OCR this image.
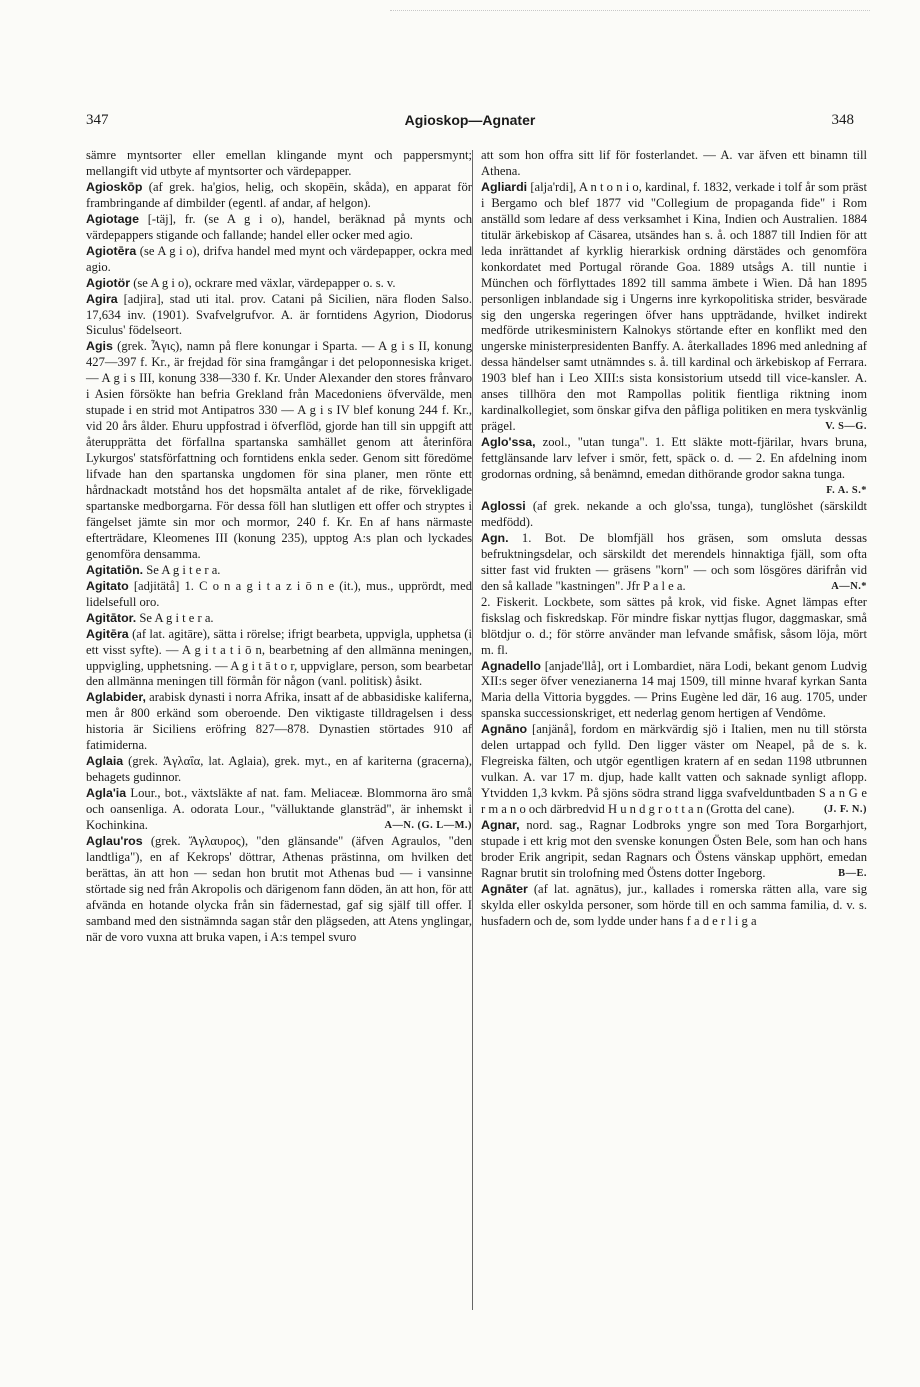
347	Agioskop—Agnater	348

sämre myntsorter eller emellan klingande mynt och pappersmynt; mellangift vid utbyte af myntsorter och värdepapper.

Agioskōp (af grek. ha'gios, helig, och skopēin, skåda), en apparat för frambringande af dimbilder (egentl. af andar, af helgon).

Agiotage [-täj], fr. (se A g i o), handel, beräknad på mynts och värdepappers stigande och fallande; handel eller ocker med agio.

Agiotēra (se A g i o), drifva handel med mynt och värdepapper, ockra med agio.

Agiotör (se A g i o), ockrare med växlar, värdepapper o. s. v.

Agira [adjira], stad uti ital. prov. Catani på Sicilien, nära floden Salso. 17,634 inv. (1901). Svafvelgrufvor. A. är forntidens Agyrion, Diodorus Siculus' födelseort.

Agis (grek. Ἆγις), namn på flere konungar i Sparta. — A g i s II, konung 427—397 f. Kr., är frejdad för sina framgångar i det peloponnesiska kriget. — A g i s III, konung 338—330 f. Kr. Under Alexander den stores frånvaro i Asien försökte han befria Grekland från Macedoniens öfvervälde, men stupade i en strid mot Antipatros 330 — A g i s IV blef konung 244 f. Kr., vid 20 års ålder. Ehuru uppfostrad i öfverflöd, gjorde han till sin uppgift att återupprätta det förfallna spartanska samhället genom att återinföra Lykurgos' statsförfattning och forntidens enkla seder. Genom sitt föredöme lifvade han den spartanska ungdomen för sina planer, men rönte ett hårdnackadt motstånd hos det hopsmälta antalet af de rike, förvekligade spartanske medborgarna. För dessa föll han slutligen ett offer och stryptes i fängelset jämte sin mor och mormor, 240 f. Kr. En af hans närmaste efterträdare, Kleomenes III (konung 235), upptog A:s plan och lyckades genomföra densamma.

Agitatiōn. Se A g i t e r a.

Agitato [adjitätå] 1. C o n a g i t a z i ō n e (it.), mus., upprördt, med lidelsefull oro.

Agitātor. Se A g i t e r a.

Agitēra (af lat. agitāre), sätta i rörelse; ifrigt bearbeta, uppvigla, upphetsa (i ett visst syfte). — A g i t a t i ō n, bearbetning af den allmänna meningen, uppvigling, upphetsning. — A g i t ā t o r, uppviglare, person, som bearbetar den allmänna meningen till förmån för någon (vanl. politisk) åsikt.

Aglabider, arabisk dynasti i norra Afrika, insatt af de abbasidiske kaliferna, men år 800 erkänd som oberoende. Den viktigaste tilldragelsen i dess historia är Siciliens eröfring 827—878. Dynastien störtades 910 af fatimiderna.

Aglaia (grek. Ἀγλαΐα, lat. Aglaia), grek. myt., en af kariterna (gracerna), behagets gudinnor.

Agla'ia Lour., bot., växtsläkte af nat. fam. Meliaceæ. Blommorna äro små och oansenliga. A. odorata Lour., "välluktande glansträd", är inhemskt i Kochinkina.	A—N. (G. L—M.)

Aglau'ros (grek. Ἄγλαυρος), "den glänsande" (äfven Agraulos, "den landtliga"), en af Kekrops' döttrar, Athenas prästinna, om hvilken det berättas, än att hon — sedan hon brutit mot Athenas bud — i vansinne störtade sig ned från Akropolis och därigenom fann döden, än att hon, för att afvända en hotande olycka från sin fädernestad, gaf sig själf till offer. I samband med den sistnämnda sagan står den plägseden, att Atens ynglingar, när de voro vuxna att bruka vapen, i A:s tempel svuro

att som hon offra sitt lif för fosterlandet. — A. var äfven ett binamn till Athena.

Agliardi [alja'rdi], A n t o n i o, kardinal, f. 1832, verkade i tolf år som präst i Bergamo och blef 1877 vid "Collegium de propaganda fide" i Rom anställd som ledare af dess verksamhet i Kina, Indien och Australien. 1884 titulär ärkebiskop af Cäsarea, utsändes han s. å. och 1887 till Indien för att leda inrättandet af kyrklig hierarkisk ordning därstädes och genomföra konkordatet med Portugal rörande Goa. 1889 utsågs A. till nuntie i München och förflyttades 1892 till samma ämbete i Wien. Då han 1895 personligen inblandade sig i Ungerns inre kyrkopolitiska strider, besvärade sig den ungerska regeringen öfver hans uppträdande, hvilket indirekt medförde utrikesministern Kalnokys störtande efter en konflikt med den ungerske ministerpresidenten Banffy. A. återkallades 1896 med anledning af dessa händelser samt utnämndes s. å. till kardinal och ärkebiskop af Ferrara. 1903 blef han i Leo XIII:s sista konsistorium utsedd till vice-kansler. A. anses tillhöra den mot Rampollas politik fientliga riktning inom kardinalkollegiet, som önskar gifva den påfliga politiken en mera tyskvänlig prägel.	V. S—G.

Aglo'ssa, zool., "utan tunga". 1. Ett släkte mott-fjärilar, hvars bruna, fettglänsande larv lefver i smör, fett, späck o. d. — 2. En afdelning inom grodornas ordning, så benämnd, emedan dithörande grodor sakna tunga.
F. A. S.*

Aglossi (af grek. nekande a och glo'ssa, tunga), tunglöshet (särskildt medfödd).

Agn. 1. Bot. De blomfjäll hos gräsen, som omsluta dessas befruktningsdelar, och särskildt det merendels hinnaktiga fjäll, som ofta sitter fast vid frukten — gräsens "korn" — och som lösgöres därifrån vid den så kallade "kastningen". Jfr P a l e a.	A—N.*

2. Fiskerit. Lockbete, som sättes på krok, vid fiske. Agnet lämpas efter fiskslag och fiskredskap. För mindre fiskar nyttjas flugor, daggmaskar, små blötdjur o. d.; för större använder man lefvande småfisk, såsom löja, mört m. fl.

Agnadello [anjade'llå], ort i Lombardiet, nära Lodi, bekant genom Ludvig XII:s seger öfver venezianerna 14 maj 1509, till minne hvaraf kyrkan Santa Maria della Vittoria byggdes. — Prins Eugène led där, 16 aug. 1705, under spanska successionskriget, ett nederlag genom hertigen af Vendôme.

Agnāno [anjänå], fordom en märkvärdig sjö i Italien, men nu till största delen urtappad och fylld. Den ligger väster om Neapel, på de s. k. Flegreiska fälten, och utgör egentligen kratern af en sedan 1198 utbrunnen vulkan. A. var 17 m. djup, hade kallt vatten och saknade synligt aflopp. Ytvidden 1,3 kvkm. På sjöns södra strand ligga svafvelduntbaden S a n G e r m a n o och därbredvid H u n d g r o t t a n (Grotta del cane).	(J. F. N.)

Agnar, nord. sag., Ragnar Lodbroks yngre son med Tora Borgarhjort, stupade i ett krig mot den svenske konungen Östen Bele, som han och hans broder Erik angripit, sedan Ragnars och Östens vänskap upphört, emedan Ragnar brutit sin trolofning med Östens dotter Ingeborg.	B—E.

Agnāter (af lat. agnātus), jur., kallades i romerska rätten alla, vare sig skylda eller oskylda personer, som hörde till en och samma familia, d. v. s. husfadern och de, som lydde under hans f a d e r l i g a
